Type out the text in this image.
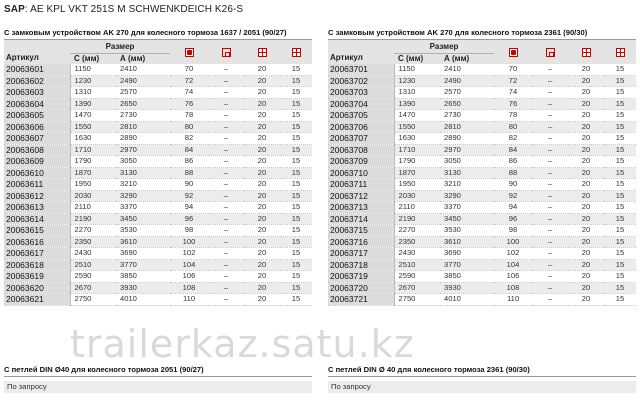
SAP: AE KPL VKT 251S M SCHWENKDEICH K26-S
С замковым устройством AK 270 для колесного тормоза 1637 / 2051 (90/27)
Артикул	Размер					
	С (мм)	А (мм)				
20063601	1150	2410	70	–	20	15
20063602	1230	2490	72	–	20	15
20063603	1310	2570	74	–	20	15
20063604	1390	2650	76	–	20	15
20063605	1470	2730	78	–	20	15
20063606	1550	2810	80	–	20	15
20063607	1630	2890	82	–	20	15
20063608	1710	2970	84	–	20	15
20063609	1790	3050	86	–	20	15
20063610	1870	3130	88	–	20	15
20063611	1950	3210	90	–	20	15
20063612	2030	3290	92	–	20	15
20063613	2110	3370	94	–	20	15
20063614	2190	3450	96	–	20	15
20063615	2270	3530	98	–	20	15
20063616	2350	3610	100	–	20	15
20063617	2430	3690	102	–	20	15
20063618	2510	3770	104	–	20	15
20063619	2590	3850	106	–	20	15
20063620	2670	3930	108	–	20	15
20063621	2750	4010	110	–	20	15
С замковым устройством AK 270 для колесного тормоза 2361 (90/30)
Артикул	Размер					
	С (мм)	А (мм)				
20063701	1150	2410	70	–	20	15
20063702	1230	2490	72	–	20	15
20063703	1310	2570	74	–	20	15
20063704	1390	2650	76	–	20	15
20063705	1470	2730	78	–	20	15
20063706	1550	2810	80	–	20	15
20063707	1630	2890	82	–	20	15
20063708	1710	2970	84	–	20	15
20063709	1790	3050	86	–	20	15
20063710	1870	3130	88	–	20	15
20063711	1950	3210	90	–	20	15
20063712	2030	3290	92	–	20	15
20063713	2110	3370	94	–	20	15
20063714	2190	3450	96	–	20	15
20063715	2270	3530	98	–	20	15
20063716	2350	3610	100	–	20	15
20063717	2430	3690	102	–	20	15
20063718	2510	3770	104	–	20	15
20063719	2590	3850	106	–	20	15
20063720	2670	3930	108	–	20	15
20063721	2750	4010	110	–	20	15
С петлей DIN Ø40 для колесного тормоза 2051 (90/27)
По запросу
С петлей DIN Ø 40 для колесного тормоза 2361 (90/30)
По запросу
trailerkaz.satu.kz
